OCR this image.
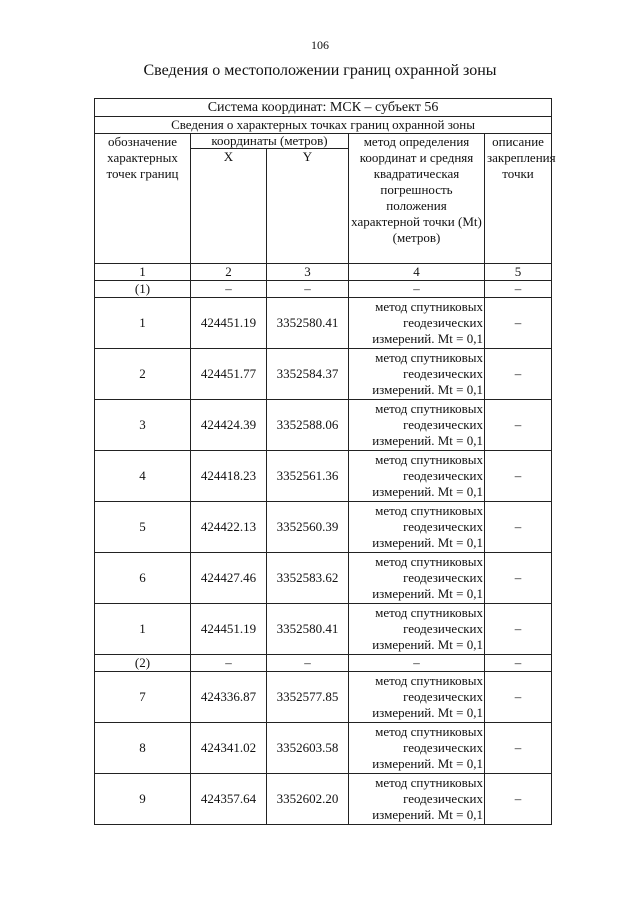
106
Сведения о местоположении границ охранной зоны
Система координат: МСК – субъект 56				
Сведения о характерных точках границ охранной зоны				
обозначение характерных точек границ	координаты (метров)		метод определения координат и средняя квадратическая погрешность положения характерной точки (Mt) (метров)	описание закрепления точки
	X	Y		
1	2	3	4	5
(1)	–	–	–	–
1	424451.19	3352580.41	метод спутниковых геодезических измерений. Mt = 0,1	–
2	424451.77	3352584.37	метод спутниковых геодезических измерений. Mt = 0,1	–
3	424424.39	3352588.06	метод спутниковых геодезических измерений. Mt = 0,1	–
4	424418.23	3352561.36	метод спутниковых геодезических измерений. Mt = 0,1	–
5	424422.13	3352560.39	метод спутниковых геодезических измерений. Mt = 0,1	–
6	424427.46	3352583.62	метод спутниковых геодезических измерений. Mt = 0,1	–
1	424451.19	3352580.41	метод спутниковых геодезических измерений. Mt = 0,1	–
(2)	–	–	–	–
7	424336.87	3352577.85	метод спутниковых геодезических измерений. Mt = 0,1	–
8	424341.02	3352603.58	метод спутниковых геодезических измерений. Mt = 0,1	–
9	424357.64	3352602.20	метод спутниковых геодезических измерений. Mt = 0,1	–
